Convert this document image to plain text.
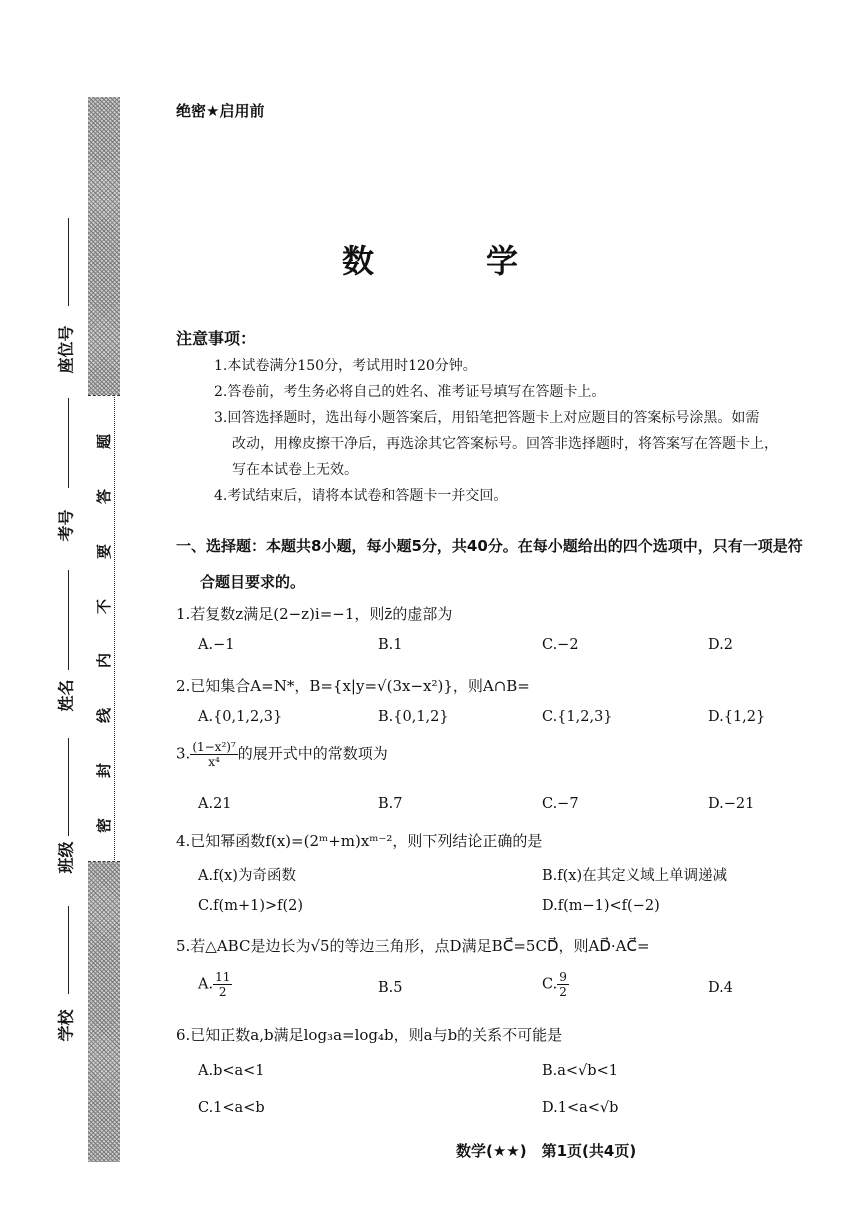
题
答
要
不
内
线
封
密
座位号
考号
姓名
班级
学校
绝密★启用前
数　学
注意事项：
1.本试卷满分150分，考试用时120分钟。
2.答卷前，考生务必将自己的姓名、准考证号填写在答题卡上。
3.回答选择题时，选出每小题答案后，用铅笔把答题卡上对应题目的答案标号涂黑。如需
改动，用橡皮擦干净后，再选涂其它答案标号。回答非选择题时，将答案写在答题卡上，
写在本试卷上无效。
4.考试结束后，请将本试卷和答题卡一并交回。
一、选择题：本题共8小题，每小题5分，共40分。在每小题给出的四个选项中，只有一项是符
合题目要求的。
1.若复数z满足(2−z)i=−1，则z̄的虚部为
A.−1	B.1	C.−2	D.2
2.已知集合A=N*，B={x|y=√(3x−x²)}，则A∩B=
A.{0,1,2,3}	B.{0,1,2}	C.{1,2,3}	D.{1,2}
3. $\frac{\text{(1−x²)⁷}}{\text{x⁴}}$ 的展开式中的常数项为
A.21	B.7	C.−7	D.−21
4.已知幂函数f(x)=(2ᵐ+m)xᵐ⁻²，则下列结论正确的是
A.f(x)为奇函数	B.f(x)在其定义域上单调递减
C.f(m+1)>f(2)	D.f(m−1)<f(−2)
5.若△ABC是边长为√5的等边三角形，点D满足BC⃗=5CD⃗，则AD⃗·AC⃗=
A. $\frac{11}{2}$	B.5	C. $\frac{9}{2}$	D.4
6.已知正数a,b满足log₃a=log₄b，则a与b的关系不可能是
A.b<a<1	B.a<√b<1
C.1<a<b	D.1<a<√b
数学(★★)　第1页(共4页)
